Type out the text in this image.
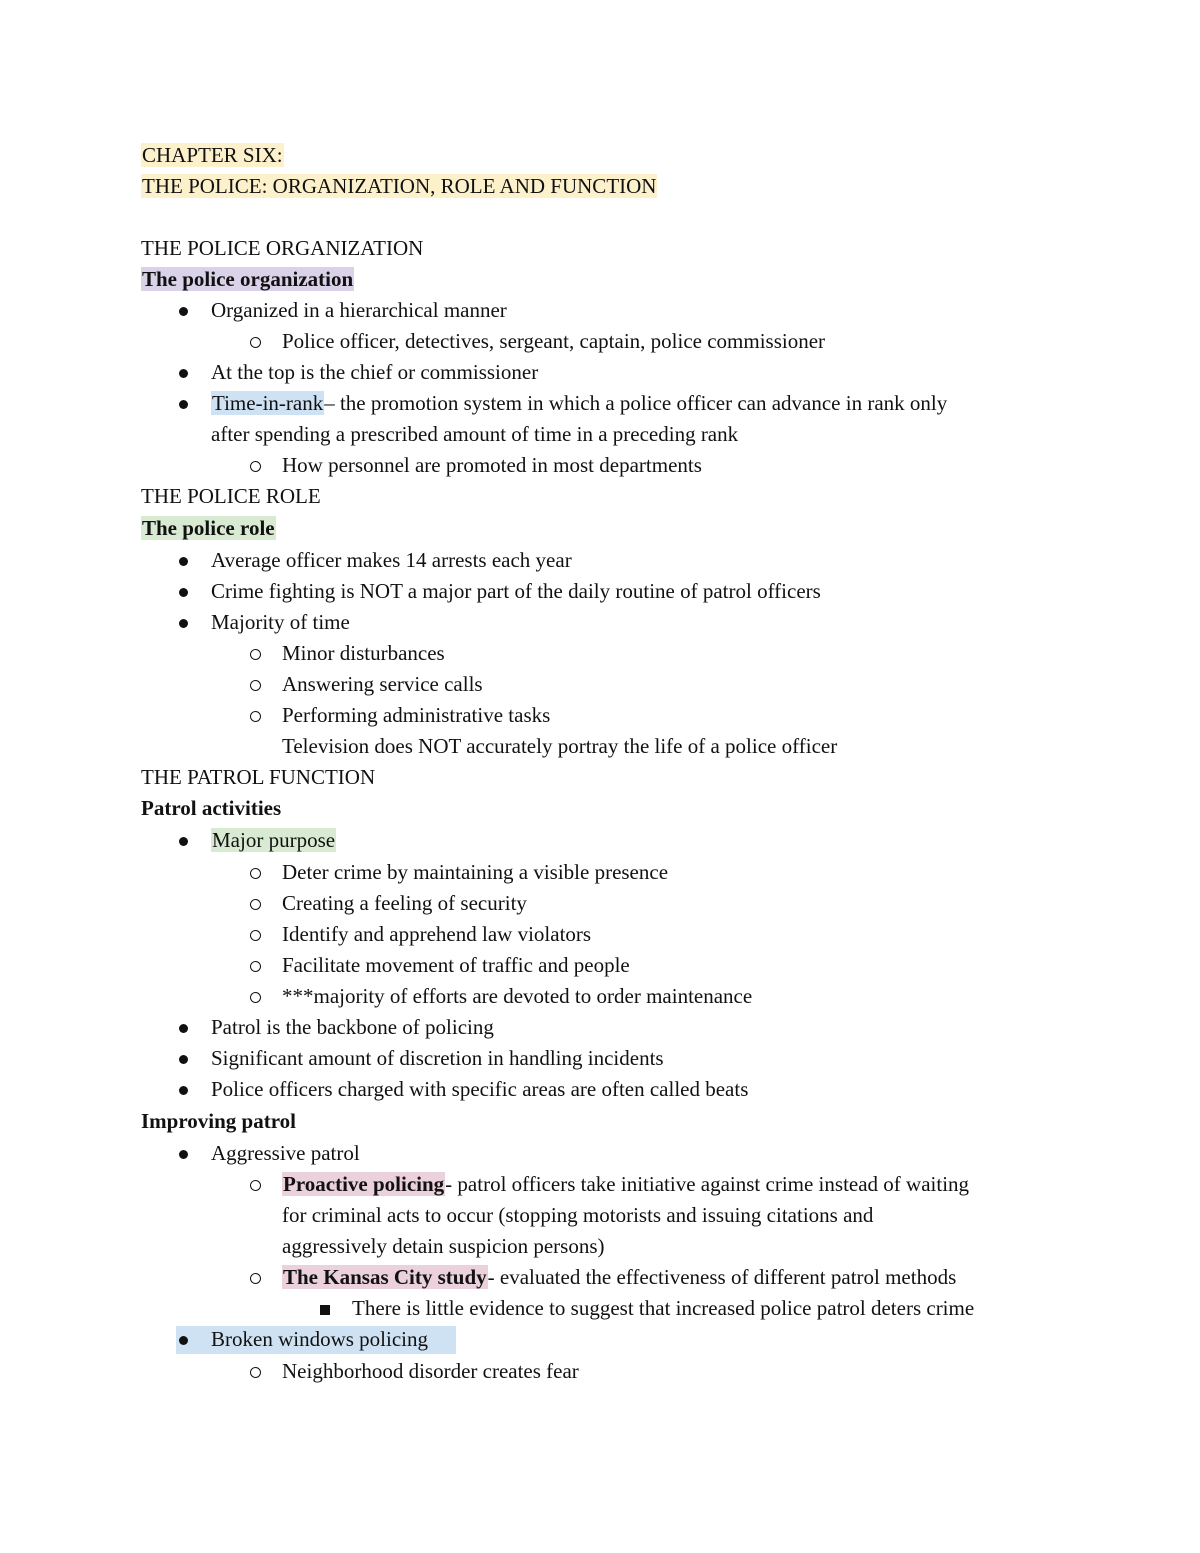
CHAPTER SIX:
THE POLICE: ORGANIZATION, ROLE AND FUNCTION
THE POLICE ORGANIZATION
The police organization
Organized in a hierarchical manner
Police officer, detectives, sergeant, captain, police commissioner
At the top is the chief or commissioner
Time-in-rank– the promotion system in which a police officer can advance in rank only
after spending a prescribed amount of time in a preceding rank
How personnel are promoted in most departments
THE POLICE ROLE
The police role
Average officer makes 14 arrests each year
Crime fighting is NOT a major part of the daily routine of patrol officers
Majority of time
Minor disturbances
Answering service calls
Performing administrative tasks
Television does NOT accurately portray the life of a police officer
THE PATROL FUNCTION
Patrol activities
Major purpose
Deter crime by maintaining a visible presence
Creating a feeling of security
Identify and apprehend law violators
Facilitate movement of traffic and people
***majority of efforts are devoted to order maintenance
Patrol is the backbone of policing
Significant amount of discretion in handling incidents
Police officers charged with specific areas are often called beats
Improving patrol
Aggressive patrol
Proactive policing- patrol officers take initiative against crime instead of waiting
for criminal acts to occur (stopping motorists and issuing citations and
aggressively detain suspicion persons)
The Kansas City study- evaluated the effectiveness of different patrol methods
There is little evidence to suggest that increased police patrol deters crime
Broken windows policing
Neighborhood disorder creates fear
